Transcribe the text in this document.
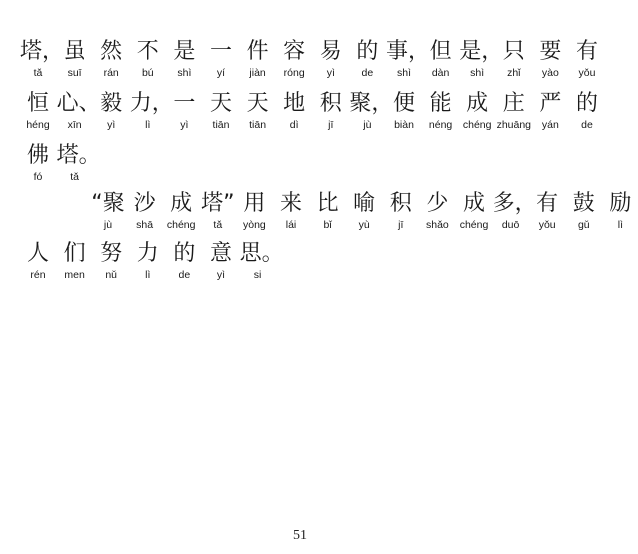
塔，
tǎ
虽
suī
然
rán
不
bú
是
shì
一
yí
件
jiàn
容
róng
易
yì
的
de
事，
shì
但
dàn
是，
shì
只
zhǐ
要
yào
有
yǒu
恒
héng
心、
xīn
毅
yì
力，
lì
一
yì
天
tiān
天
tiān
地
dì
积
jī
聚，
jù
便
biàn
能
néng
成
chéng
庄
zhuāng
严
yán
的
de
佛
fó
塔。
tǎ
“聚
jù
沙
shā
成
chéng
塔”
tǎ
用
yòng
来
lái
比
bǐ
喻
yù
积
jī
少
shǎo
成
chéng
多，
duō
有
yǒu
鼓
gǔ
励
lì
人
rén
们
men
努
nǔ
力
lì
的
de
意
yì
思。
si
51
